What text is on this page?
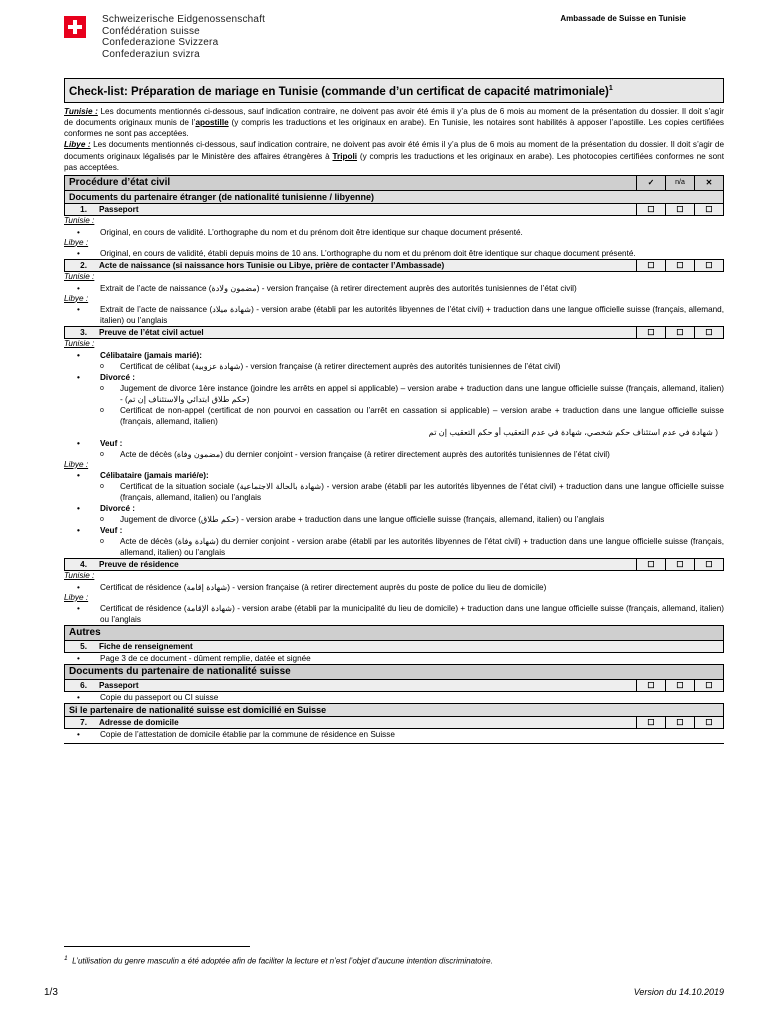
Schweizerische Eidgenossenschaft
Confédération suisse
Confederazione Svizzera
Confederaziun svizra
Ambassade de Suisse en Tunisie
Check-list: Préparation de mariage en Tunisie (commande d’un certificat de capacité matrimoniale)$^1$

Tunisie : Les documents mentionnés ci-dessous, sauf indication contraire, ne doivent pas avoir été émis il y’a plus de 6 mois au moment de la présentation du dossier. Il doit s’agir de documents originaux munis de l’apostille (y compris les traductions et les originaux en arabe). En Tunisie, les notaires sont habilités à apposer l’apostille. Les copies certifiées conformes ne sont pas acceptées.

Libye : Les documents mentionnés ci-dessous, sauf indication contraire, ne doivent pas avoir été émis il y’a plus de 6 mois au moment de la présentation du dossier. Il doit s’agir de documents originaux légalisés par le Ministère des affaires étrangères à Tripoli (y compris les traductions et les originaux en arabe). Les photocopies certifiées conformes ne sont pas acceptées.

Procédure d’état civil	✓	n/a	✕
Documents du partenaire étranger (de nationalité tunisienne / libyenne)
1. Passeport	☐	☐	☐
Tunisie :
• Original, en cours de validité. L’orthographe du nom et du prénom doit être identique sur chaque document présenté.
Libye :
• Original, en cours de validité, établi depuis moins de 10 ans. L’orthographe du nom et du prénom doit être identique sur chaque document présenté.
2. Acte de naissance (si naissance hors Tunisie ou Libye, prière de contacter l’Ambassade)	☐	☐	☐
Tunisie :
• Extrait de l’acte de naissance (مضمون ولادة) - version française (à retirer directement auprès des autorités tunisiennes de l’état civil)
Libye :
• Extrait de l’acte de naissance (شهادة ميلاد) - version arabe (établi par les autorités libyennes de l’état civil) + traduction dans une langue officielle suisse (français, allemand, italien) ou l’anglais
3. Preuve de l’état civil actuel	☐	☐	☐
Tunisie :
• Célibataire (jamais marié):
o Certificat de célibat (شهادة عزوبية) - version française (à retirer directement auprès des autorités tunisiennes de l’état civil)
• Divorcé :
o Jugement de divorce 1ère instance (joindre les arrêts en appel si applicable) – version arabe + traduction dans une langue officielle suisse (français, allemand, italien) - (حكم طلاق ابتدائي والاستئناف إن تم)
o Certificat de non-appel (certificat de non pourvoi en cassation ou l’arrêt en cassation si applicable) – version arabe + traduction dans une langue officielle suisse (français, allemand, italien)
( شهادة في عدم استئناف حكم شخصي، شهادة في عدم التعقيب أو حكم التعقيب إن تم
• Veuf :
o Acte de décès (مضمون وفاة) du dernier conjoint - version française (à retirer directement auprès des autorités tunisiennes de l’état civil)
Libye :
• Célibataire (jamais marié/e):
o Certificat de la situation sociale (شهادة بالحالة الاجتماعية) - version arabe (établi par les autorités libyennes de l’état civil) + traduction dans une langue officielle suisse (français, allemand, italien) ou l’anglais
• Divorcé :
o Jugement de divorce (حكم طلاق) - version arabe + traduction dans une langue officielle suisse (français, allemand, italien) ou l’anglais
• Veuf :
o Acte de décès (شهادة وفاة) du dernier conjoint - version arabe (établi par les autorités libyennes de l’état civil) + traduction dans une langue officielle suisse (français, allemand, italien) ou l’anglais
4. Preuve de résidence	☐	☐	☐
Tunisie :
• Certificat de résidence (شهادة إقامة) - version française (à retirer directement auprès du poste de police du lieu de domicile)
Libye :
• Certificat de résidence (شهادة الإقامة) - version arabe (établi par la municipalité du lieu de domicile) + traduction dans une langue officielle suisse (français, allemand, italien) ou l’anglais
Autres
5. Fiche de renseignement
• Page 3 de ce document - dûment remplie, datée et signée
Documents du partenaire de nationalité suisse
6. Passeport	☐	☐	☐
• Copie du passeport ou CI suisse
Si le partenaire de nationalité suisse est domicilié en Suisse
7. Adresse de domicile	☐	☐	☐
• Copie de l’attestation de domicile établie par la commune de résidence en Suisse
$^1$ L’utilisation du genre masculin a été adoptée afin de faciliter la lecture et n’est l’objet d’aucune intention discriminatoire.
1/3	Version du 14.10.2019
